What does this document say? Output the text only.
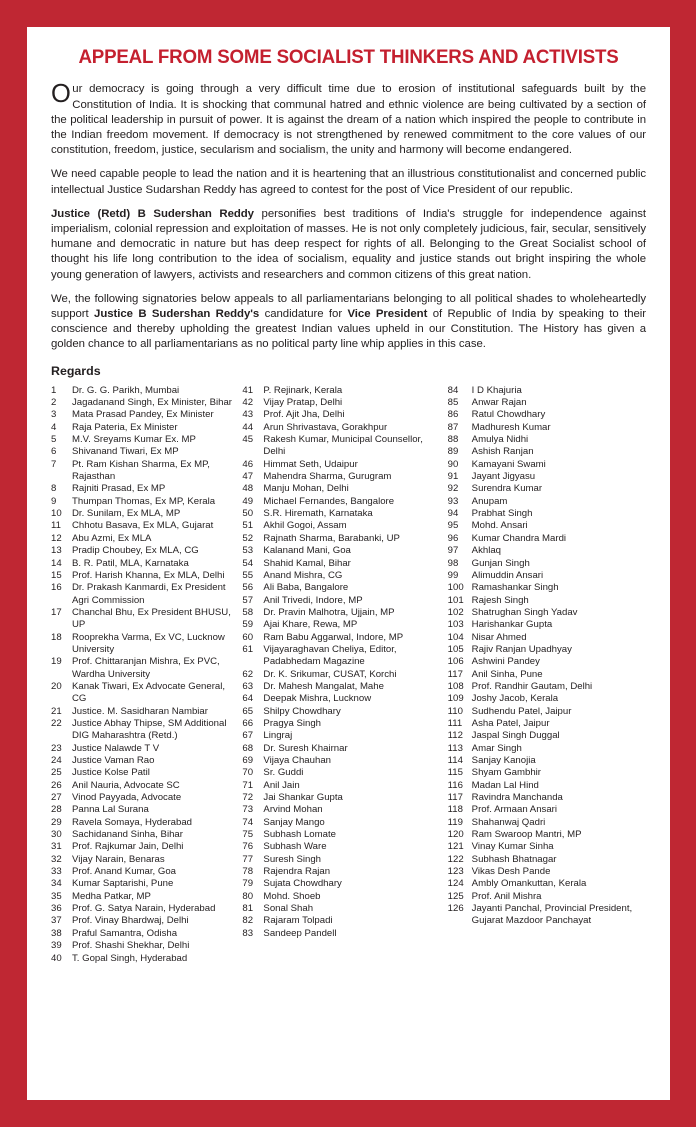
APPEAL FROM SOME SOCIALIST THINKERS AND ACTIVISTS

Our democracy is going through a very difficult time due to erosion of institutional safeguards built by the Constitution of India. It is shocking that communal hatred and ethnic violence are being cultivated by a section of the political leadership in pursuit of power. It is against the dream of a nation which inspired the people to contribute in the Indian freedom movement. If democracy is not strengthened by renewed commitment to the core values of our constitution, freedom, justice, secularism and socialism, the unity and harmony will become endangered.

We need capable people to lead the nation and it is heartening that an illustrious constitutionalist and concerned public intellectual Justice Sudarshan Reddy has agreed to contest for the post of Vice President of our republic.

Justice (Retd) B Sudershan Reddy personifies best traditions of India's struggle for independence against imperialism, colonial repression and exploitation of masses. He is not only completely judicious, fair, secular, sensitively humane and democratic in nature but has deep respect for rights of all. Belonging to the Great Socialist school of thought his life long contribution to the idea of socialism, equality and justice stands out bright inspiring the whole young generation of lawyers, activists and researchers and common citizens of this great nation.

We, the following signatories below appeals to all parliamentarians belonging to all political shades to wholeheartedly support Justice B Sudershan Reddy's candidature for Vice President of Republic of India by speaking to their conscience and thereby upholding the greatest Indian values upheld in our Constitution. The History has given a golden chance to all parliamentarians as no political party line whip applies in this case.

Regards
1	Dr. G. G. Parikh, Mumbai
2	Jagadanand Singh, Ex Minister, Bihar
3	Mata Prasad Pandey, Ex Minister
4	Raja Pateria, Ex Minister
5	M.V. Sreyams Kumar Ex. MP
6	Shivanand Tiwari, Ex MP
7	Pt. Ram Kishan Sharma, Ex MP, Rajasthan
8	Rajniti Prasad, Ex MP
9	Thumpan Thomas, Ex MP, Kerala
10	Dr. Sunilam, Ex MLA, MP
11	Chhotu Basava, Ex MLA, Gujarat
12	Abu Azmi, Ex MLA
13	Pradip Choubey, Ex MLA, CG
14	B. R. Patil, MLA, Karnataka
15	Prof. Harish Khanna, Ex MLA, Delhi
16	Dr. Prakash Kanmardi, Ex President Agri Commission
17	Chanchal Bhu, Ex President BHUSU, UP
18	Rooprekha Varma, Ex VC, Lucknow University
19	Prof. Chittaranjan Mishra, Ex PVC, Wardha University
20	Kanak Tiwari, Ex Advocate General, CG
21	Justice. M. Sasidharan Nambiar
22	Justice Abhay Thipse, SM Additional DIG Maharashtra (Retd.)
23	Justice Nalawde T V
24	Justice Vaman Rao
25	Justice Kolse Patil
26	Anil Nauria, Advocate SC
27	Vinod Payyada, Advocate
28	Panna Lal Surana
29	Ravela Somaya, Hyderabad
30	Sachidanand Sinha, Bihar
31	Prof. Rajkumar Jain, Delhi
32	Vijay Narain, Benaras
33	Prof. Anand Kumar, Goa
34	Kumar Saptarishi, Pune
35	Medha Patkar, MP
36	Prof. G. Satya Narain, Hyderabad
37	Prof. Vinay Bhardwaj, Delhi
38	Praful Samantra, Odisha
39	Prof. Shashi Shekhar, Delhi
40	T. Gopal Singh, Hyderabad
41	P. Rejinark, Kerala
42	Vijay Pratap, Delhi
43	Prof. Ajit Jha, Delhi
44	Arun Shrivastava, Gorakhpur
45	Rakesh Kumar, Municipal Counsellor, Delhi
46	Himmat Seth, Udaipur
47	Mahendra Sharma, Gurugram
48	Manju Mohan, Delhi
49	Michael Fernandes, Bangalore
50	S.R. Hiremath, Karnataka
51	Akhil Gogoi, Assam
52	Rajnath Sharma, Barabanki, UP
53	Kalanand Mani, Goa
54	Shahid Kamal, Bihar
55	Anand Mishra, CG
56	Ali Baba, Bangalore
57	Anil Trivedi, Indore, MP
58	Dr. Pravin Malhotra, Ujjain, MP
59	Ajai Khare, Rewa, MP
60	Ram Babu Aggarwal, Indore, MP
61	Vijayaraghavan Cheliya, Editor, Padabhedam Magazine
62	Dr. K. Srikumar, CUSAT, Korchi
63	Dr. Mahesh Mangalat, Mahe
64	Deepak Mishra, Lucknow
65	Shilpy Chowdhary
66	Pragya Singh
67	Lingraj
68	Dr. Suresh Khairnar
69	Vijaya Chauhan
70	Sr. Guddi
71	Anil Jain
72	Jai Shankar Gupta
73	Arvind Mohan
74	Sanjay Mango
75	Subhash Lomate
76	Subhash Ware
77	Suresh Singh
78	Rajendra Rajan
79	Sujata Chowdhary
80	Mohd. Shoeb
81	Sonal Shah
82	Rajaram Tolpadi
83	Sandeep Pandell
84	I D Khajuria
85	Anwar Rajan
86	Ratul Chowdhary
87	Madhuresh Kumar
88	Amulya Nidhi
89	Ashish Ranjan
90	Kamayani Swami
91	Jayant Jigyasu
92	Surendra Kumar
93	Anupam
94	Prabhat Singh
95	Mohd. Ansari
96	Kumar Chandra Mardi
97	Akhlaq
98	Gunjan Singh
99	Alimuddin Ansari
100 Ramashankar Singh
101 Rajesh Singh
102 Shatrughan Singh Yadav
103 Harishankar Gupta
104 Nisar Ahmed
105 Rajiv Ranjan Upadhyay
106 Ashwini Pandey
117 Anil Sinha, Pune
108 Prof. Randhir Gautam, Delhi
109 Joshy Jacob, Kerala
110 Sudhendu Patel, Jaipur
111 Asha Patel, Jaipur
112 Jaspal Singh Duggal
113 Amar Singh
114 Sanjay Kanojia
115 Shyam Gambhir
116 Madan Lal Hind
117 Ravindra Manchanda
118 Prof. Armaan Ansari
119 Shahanwaj Qadri
120 Ram Swaroop Mantri, MP
121 Vinay Kumar Sinha
122 Subhash Bhatnagar
123 Vikas Desh Pande
124 Ambly Omankuttan, Kerala
125 Prof. Anil Mishra
126 Jayanti Panchal, Provincial President, Gujarat Mazdoor Panchayat
